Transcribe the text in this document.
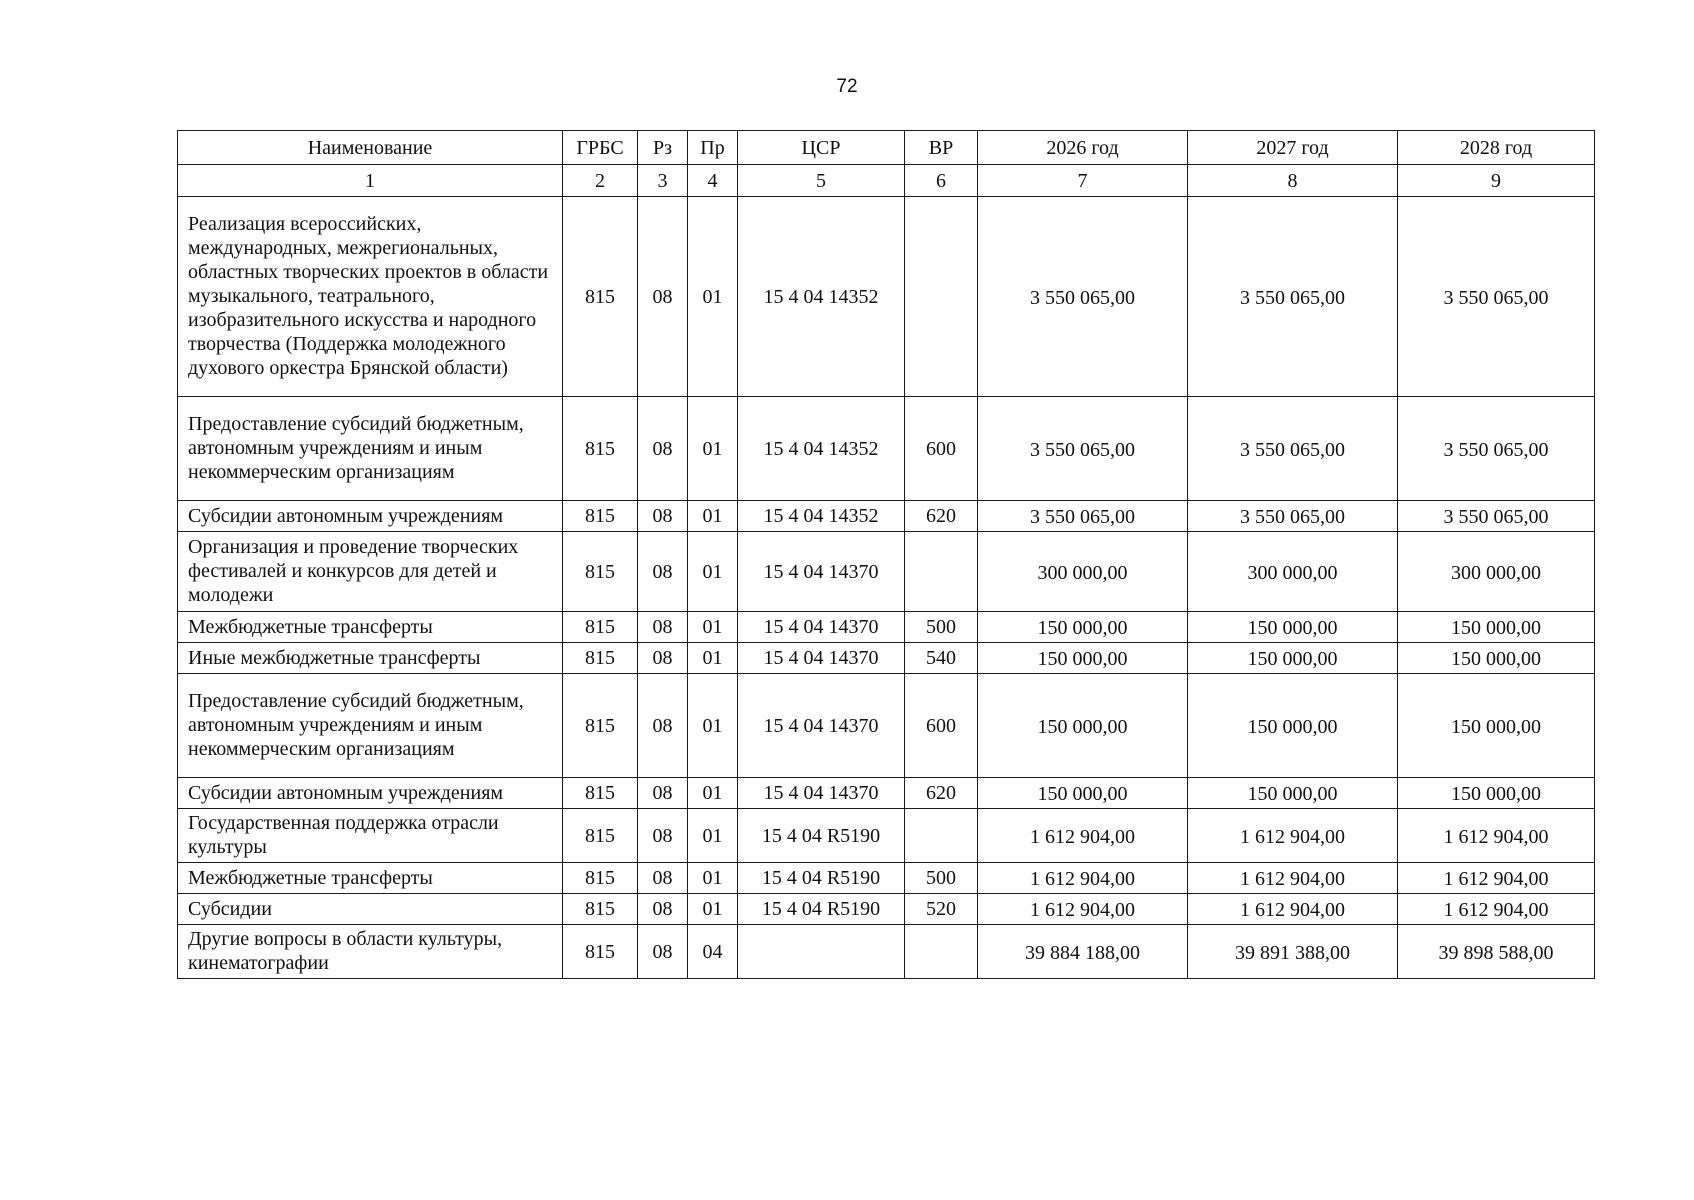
72
Наименование	ГРБС	Рз	Пр	ЦСР	ВР	2026 год	2027 год	2028 год
1	2	3	4	5	6	7	8	9
Реализация всероссийских, международных, межрегиональных, областных творческих проектов в области музыкального, театрального, изобразительного искусства и народного творчества (Поддержка молодежного духового оркестра Брянской области)	815	08	01	15 4 04 14352		3 550 065,00	3 550 065,00	3 550 065,00
Предоставление субсидий бюджетным, автономным учреждениям и иным некоммерческим организациям	815	08	01	15 4 04 14352	600	3 550 065,00	3 550 065,00	3 550 065,00
Субсидии автономным учреждениям	815	08	01	15 4 04 14352	620	3 550 065,00	3 550 065,00	3 550 065,00
Организация и проведение творческих фестивалей и конкурсов для детей и молодежи	815	08	01	15 4 04 14370		300 000,00	300 000,00	300 000,00
Межбюджетные трансферты	815	08	01	15 4 04 14370	500	150 000,00	150 000,00	150 000,00
Иные межбюджетные трансферты	815	08	01	15 4 04 14370	540	150 000,00	150 000,00	150 000,00
Предоставление субсидий бюджетным, автономным учреждениям и иным некоммерческим организациям	815	08	01	15 4 04 14370	600	150 000,00	150 000,00	150 000,00
Субсидии автономным учреждениям	815	08	01	15 4 04 14370	620	150 000,00	150 000,00	150 000,00
Государственная поддержка отрасли культуры	815	08	01	15 4 04 R5190		1 612 904,00	1 612 904,00	1 612 904,00
Межбюджетные трансферты	815	08	01	15 4 04 R5190	500	1 612 904,00	1 612 904,00	1 612 904,00
Субсидии	815	08	01	15 4 04 R5190	520	1 612 904,00	1 612 904,00	1 612 904,00
Другие вопросы в области культуры, кинематографии	815	08	04			39 884 188,00	39 891 388,00	39 898 588,00
